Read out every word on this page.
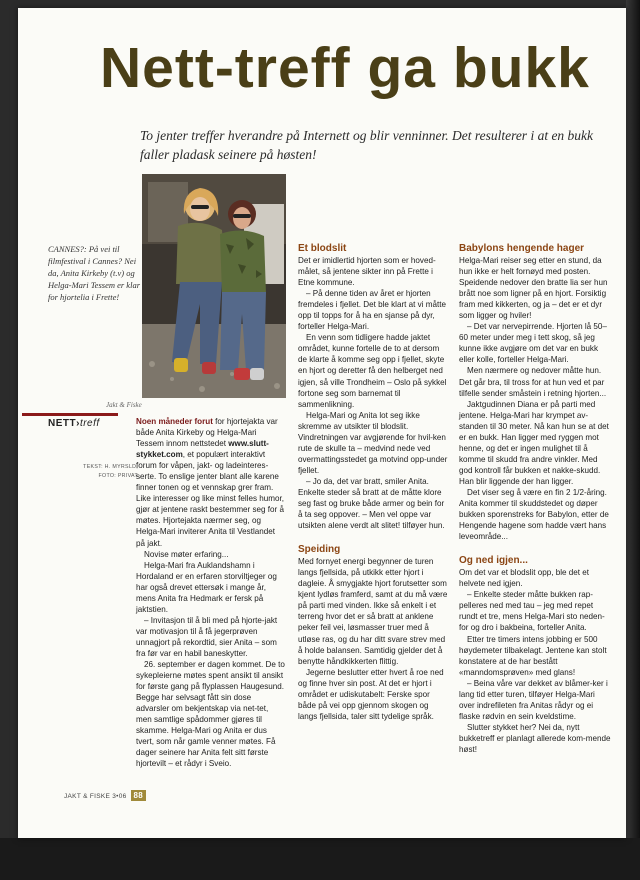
Nett-treff ga bukk

To jenter treffer hverandre på Internett og blir venninner. Det resulterer i at en bukk faller pladask seinere på høsten!

CANNES?: På vei til filmfestival i Cannes? Nei da, Anita Kirkeby (t.v) og Helga-Mari Tessem er klar for hjortelia i Frette!

Jakt & Fiske
NETT›treff
TEKST: H. MYRSLD,
FOTO: PRIVAT

Noen måneder forut for hjortejakta var både Anita Kirkeby og Helga-Mari Tessem innom nettstedet www.slutt-stykket.com, et populært interaktivt forum for våpen, jakt- og ladeinteres-serte. To enslige jenter blant alle karene finner tonen og et vennskap grer fram. Like interesser og like minst felles humor, gjør at jentene raskt bestemmer seg for å møtes. Hjortejakta nærmer seg, og Helga-Mari inviterer Anita til Vestlandet på jakt.

Novise møter erfaring...

Helga-Mari fra Auklandshamn i Hordaland er en erfaren storviltjeger og har også drevet ettersøk i mange år, mens Anita fra Hedmark er fersk på jaktstien.

– Invitasjon til å bli med på hjorte-jakt var motivasjon til å få jegerprøven unnagjort på rekordtid, sier Anita – som fra før var en habil baneskytter.

26. september er dagen kommet. De to sykepleierne møtes spent ansikt til ansikt for første gang på flyplassen Haugesund. Begge har selvsagt fått sin dose advarsler om bekjentskap via net-tet, men samtlige spådommer gjøres til skamme. Helga-Mari og Anita er dus tvert, som når gamle venner møtes. Få dager seinere har Anita felt sitt første hjortevilt – et rådyr i Sveio.

Et blodslit

Det er imidlertid hjorten som er hoved-målet, så jentene sikter inn på Frette i Etne kommune.

– På denne tiden av året er hjorten fremdeles i fjellet. Det ble klart at vi måtte opp til topps for å ha en sjanse på dyr, forteller Helga-Mari.

En venn som tidligere hadde jaktet området, kunne fortelle de to at dersom de klarte å komme seg opp i fjellet, skyte en hjort og deretter få den helberget ned igjen, så ville Trondheim – Oslo på sykkel fortone seg som barnemat til sammenlikning.

Helga-Mari og Anita lot seg ikke skremme av utsikter til blodslit. Vindretningen var avgjørende for hvil-ken rute de skulle ta – medvind nede ved overmattingsstedet ga motvind opp-under fjellet.

– Jo da, det var bratt, smiler Anita. Enkelte steder så bratt at de måtte klore seg fast og bruke både armer og bein for å ta seg oppover. – Men vel oppe var utsikten alene verdt alt slitet! tilføyer hun.

Speiding

Med fornyet energi begynner de turen langs fjellsida, på utkikk etter hjort i dagleie. Å smygjakte hjort forutsetter som kjent lydløs framferd, samt at du må være på parti med vinden. Ikke så enkelt i et terreng hvor det er så bratt at anklene peker feil vei, løsmasser truer med å utløse ras, og du har ditt svare strev med å holde balansen. Samtidig gjelder det å benytte håndkikkerten flittig.

Jegerne beslutter etter hvert å roe ned og finne hver sin post. At det er hjort i området er udiskutabelt: Ferske spor både på vei opp gjennom skogen og langs fjellsida, taler sitt tydelige språk.

Babylons hengende hager

Helga-Mari reiser seg etter en stund, da hun ikke er helt fornøyd med posten. Speidende nedover den bratte lia ser hun brått noe som ligner på en hjort. Forsiktig fram med kikkerten, og ja – det er et dyr som ligger og hviler!

– Det var nervepirrende. Hjorten lå 50–60 meter under meg i tett skog, så jeg kunne ikke avgjøre om det var en bukk eller kolle, forteller Helga-Mari.

Men nærmere og nedover måtte hun. Det går bra, til tross for at hun ved et par tilfelle sender småstein i retning hjorten...

Jaktgudinnen Diana er på parti med jentene. Helga-Mari har krympet av-standen til 30 meter. Nå kan hun se at det er en bukk. Han ligger med ryggen mot henne, og det er ingen mulighet til å komme til skudd fra andre vinkler. Med god kontroll får bukken et nakke-skudd. Han blir liggende der han ligger.

Det viser seg å være en fin 2 1/2-åring. Anita kommer til skuddstedet og døper bukken sporenstreks for Babylon, etter de Hengende hagene som hadde vært hans leveområde...

Og ned igjen...

Om det var et blodslit opp, ble det et helvete ned igjen.

– Enkelte steder måtte bukken rap-pelleres ned med tau – jeg med repet rundt et tre, mens Helga-Mari sto neden-for og dro i bakbeina, forteller Anita.

Etter tre timers intens jobbing er 500 høydemeter tilbakelagt. Jentene kan stolt konstatere at de har bestått «manndomsprøven» med glans!

– Beina våre var dekket av blåmer-ker i lang tid etter turen, tilføyer Helga-Mari over indrefileten fra Anitas rådyr og ei flaske rødvin en sein kveldstime.

Slutter stykket her? Nei da, nytt bukketreff er planlagt allerede kom-mende høst!

JAKT & FISKE 3•06 88
